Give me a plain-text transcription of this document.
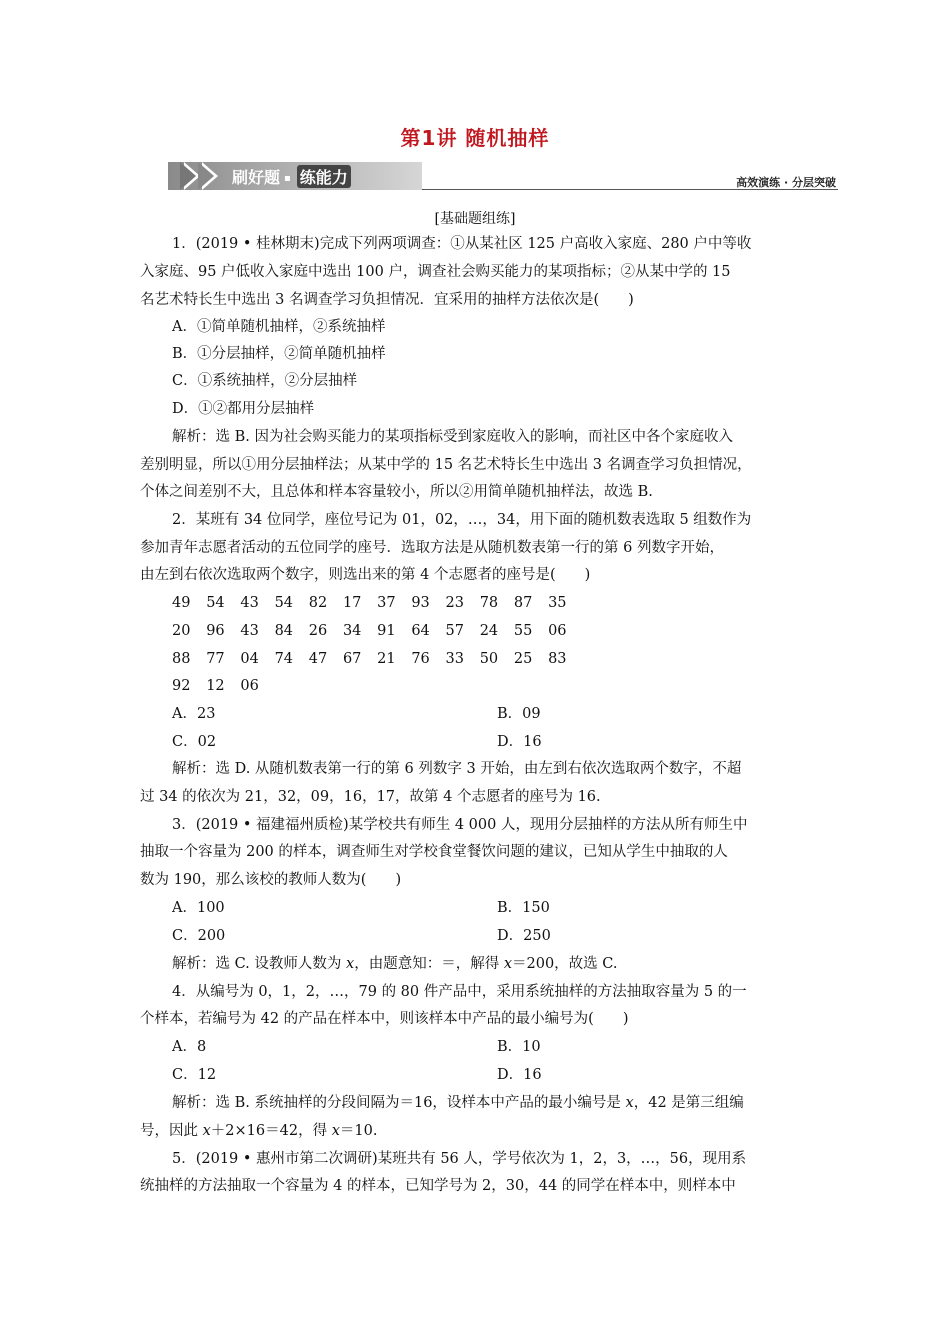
第1讲 随机抽样
刷好题 ▪ 练能力	高效演练 · 分层突破
[基础题组练]
1．(2019 • 桂林期末)完成下列两项调查：①从某社区 125 户高收入家庭、280 户中等收
入家庭、95 户低收入家庭中选出 100 户，调查社会购买能力的某项指标；②从某中学的 15
名艺术特长生中选出 3 名调查学习负担情况．宜采用的抽样方法依次是(　　)
A．①简单随机抽样，②系统抽样
B．①分层抽样，②简单随机抽样
C．①系统抽样，②分层抽样
D．①②都用分层抽样
解析：选 B. 因为社会购买能力的某项指标受到家庭收入的影响，而社区中各个家庭收入
差别明显，所以①用分层抽样法；从某中学的 15 名艺术特长生中选出 3 名调查学习负担情况，
个体之间差别不大，且总体和样本容量较小，所以②用简单随机抽样法，故选 B.
2．某班有 34 位同学，座位号记为 01，02，…，34，用下面的随机数表选取 5 组数作为
参加青年志愿者活动的五位同学的座号．选取方法是从随机数表第一行的第 6 列数字开始，
由左到右依次选取两个数字，则选出来的第 4 个志愿者的座号是(　　)
49 54 43 54 82 17 37 93 23 78 87 35
20 96 43 84 26 34 91 64 57 24 55 06
88 77 04 74 47 67 21 76 33 50 25 83
92 12 06
A．23	B．09
C．02	D．16
解析：选 D. 从随机数表第一行的第 6 列数字 3 开始，由左到右依次选取两个数字，不超
过 34 的依次为 21，32，09，16，17，故第 4 个志愿者的座号为 16.
3．(2019 • 福建福州质检)某学校共有师生 4 000 人，现用分层抽样的方法从所有师生中
抽取一个容量为 200 的样本，调查师生对学校食堂餐饮问题的建议，已知从学生中抽取的人
数为 190，那么该校的教师人数为(　　)
A．100	B．150
C．200	D．250
解析：选 C. 设教师人数为 x，由题意知：＝，解得 x＝200，故选 C.
4．从编号为 0，1，2，…，79 的 80 件产品中，采用系统抽样的方法抽取容量为 5 的一
个样本，若编号为 42 的产品在样本中，则该样本中产品的最小编号为(　　)
A．8	B．10
C．12	D．16
解析：选 B. 系统抽样的分段间隔为＝16，设样本中产品的最小编号是 x，42 是第三组编
号，因此 x＋2×16＝42，得 x＝10.
5．(2019 • 惠州市第二次调研)某班共有 56 人，学号依次为 1，2，3，…，56，现用系
统抽样的方法抽取一个容量为 4 的样本，已知学号为 2，30，44 的同学在样本中，则样本中
